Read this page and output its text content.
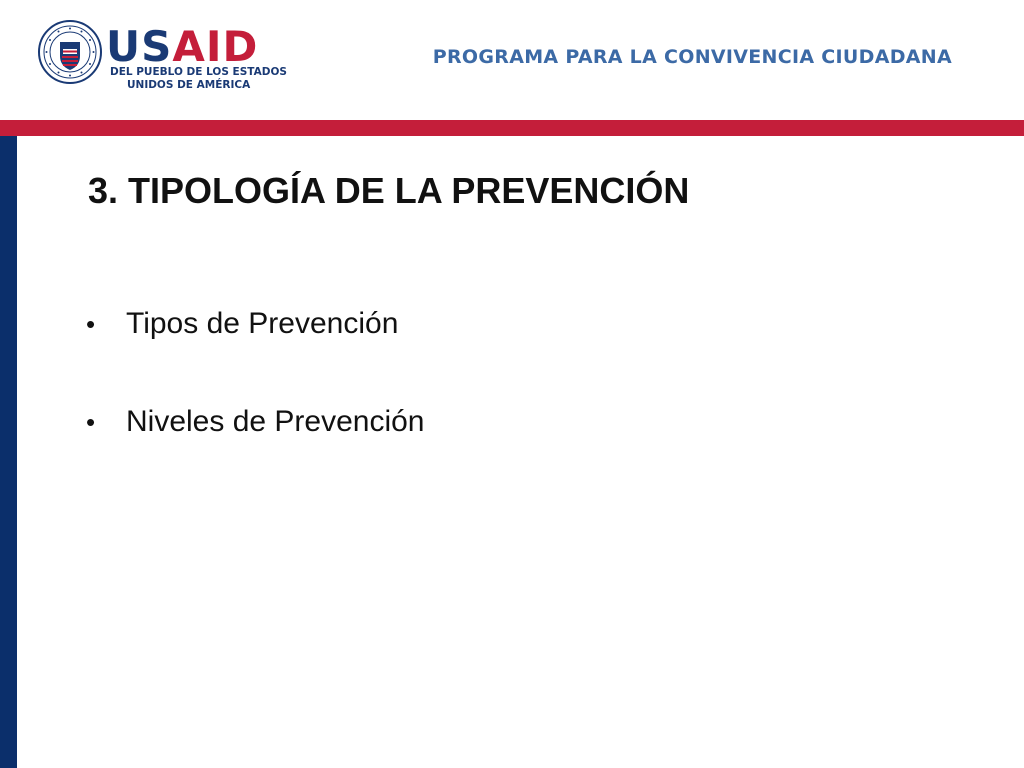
USAID
DEL PUEBLO DE LOS ESTADOS
UNIDOS DE AMÉRICA
PROGRAMA PARA LA CONVIVENCIA CIUDADANA
3. TIPOLOGÍA DE LA PREVENCIÓN
•	Tipos de Prevención
•	Niveles de Prevención
